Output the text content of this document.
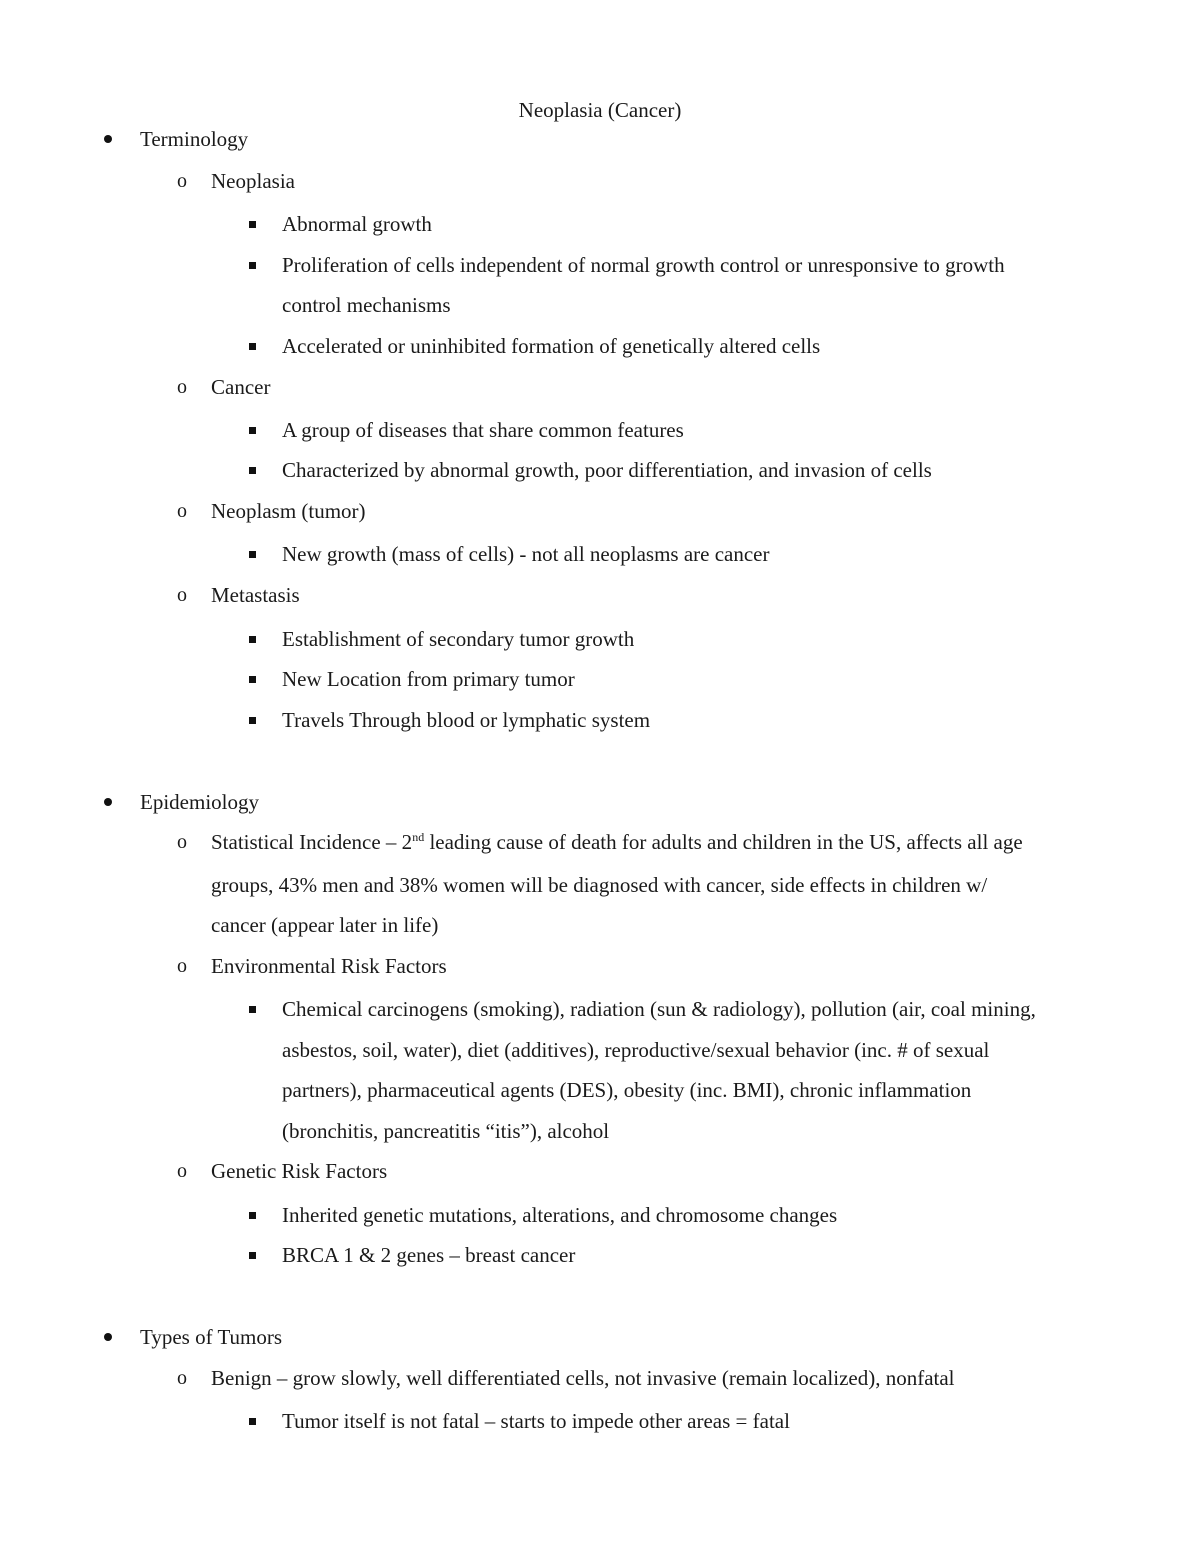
Neoplasia (Cancer)
Terminology
o Neoplasia
Abnormal growth
Proliferation of cells independent of normal growth control or unresponsive to growth
control mechanisms
Accelerated or uninhibited formation of genetically altered cells
o Cancer
A group of diseases that share common features
Characterized by abnormal growth, poor differentiation, and invasion of cells
o Neoplasm (tumor)
New growth (mass of cells) - not all neoplasms are cancer
o Metastasis
Establishment of secondary tumor growth
New Location from primary tumor
Travels Through blood or lymphatic system
Epidemiology
o Statistical Incidence – 2nd leading cause of death for adults and children in the US, affects all age
groups, 43% men and 38% women will be diagnosed with cancer, side effects in children w/
cancer (appear later in life)
o Environmental Risk Factors
Chemical carcinogens (smoking), radiation (sun & radiology), pollution (air, coal mining,
asbestos, soil, water), diet (additives), reproductive/sexual behavior (inc. # of sexual
partners), pharmaceutical agents (DES), obesity (inc. BMI), chronic inflammation
(bronchitis, pancreatitis “itis”), alcohol
o Genetic Risk Factors
Inherited genetic mutations, alterations, and chromosome changes
BRCA 1 & 2 genes – breast cancer
Types of Tumors
o Benign – grow slowly, well differentiated cells, not invasive (remain localized), nonfatal
Tumor itself is not fatal – starts to impede other areas = fatal
